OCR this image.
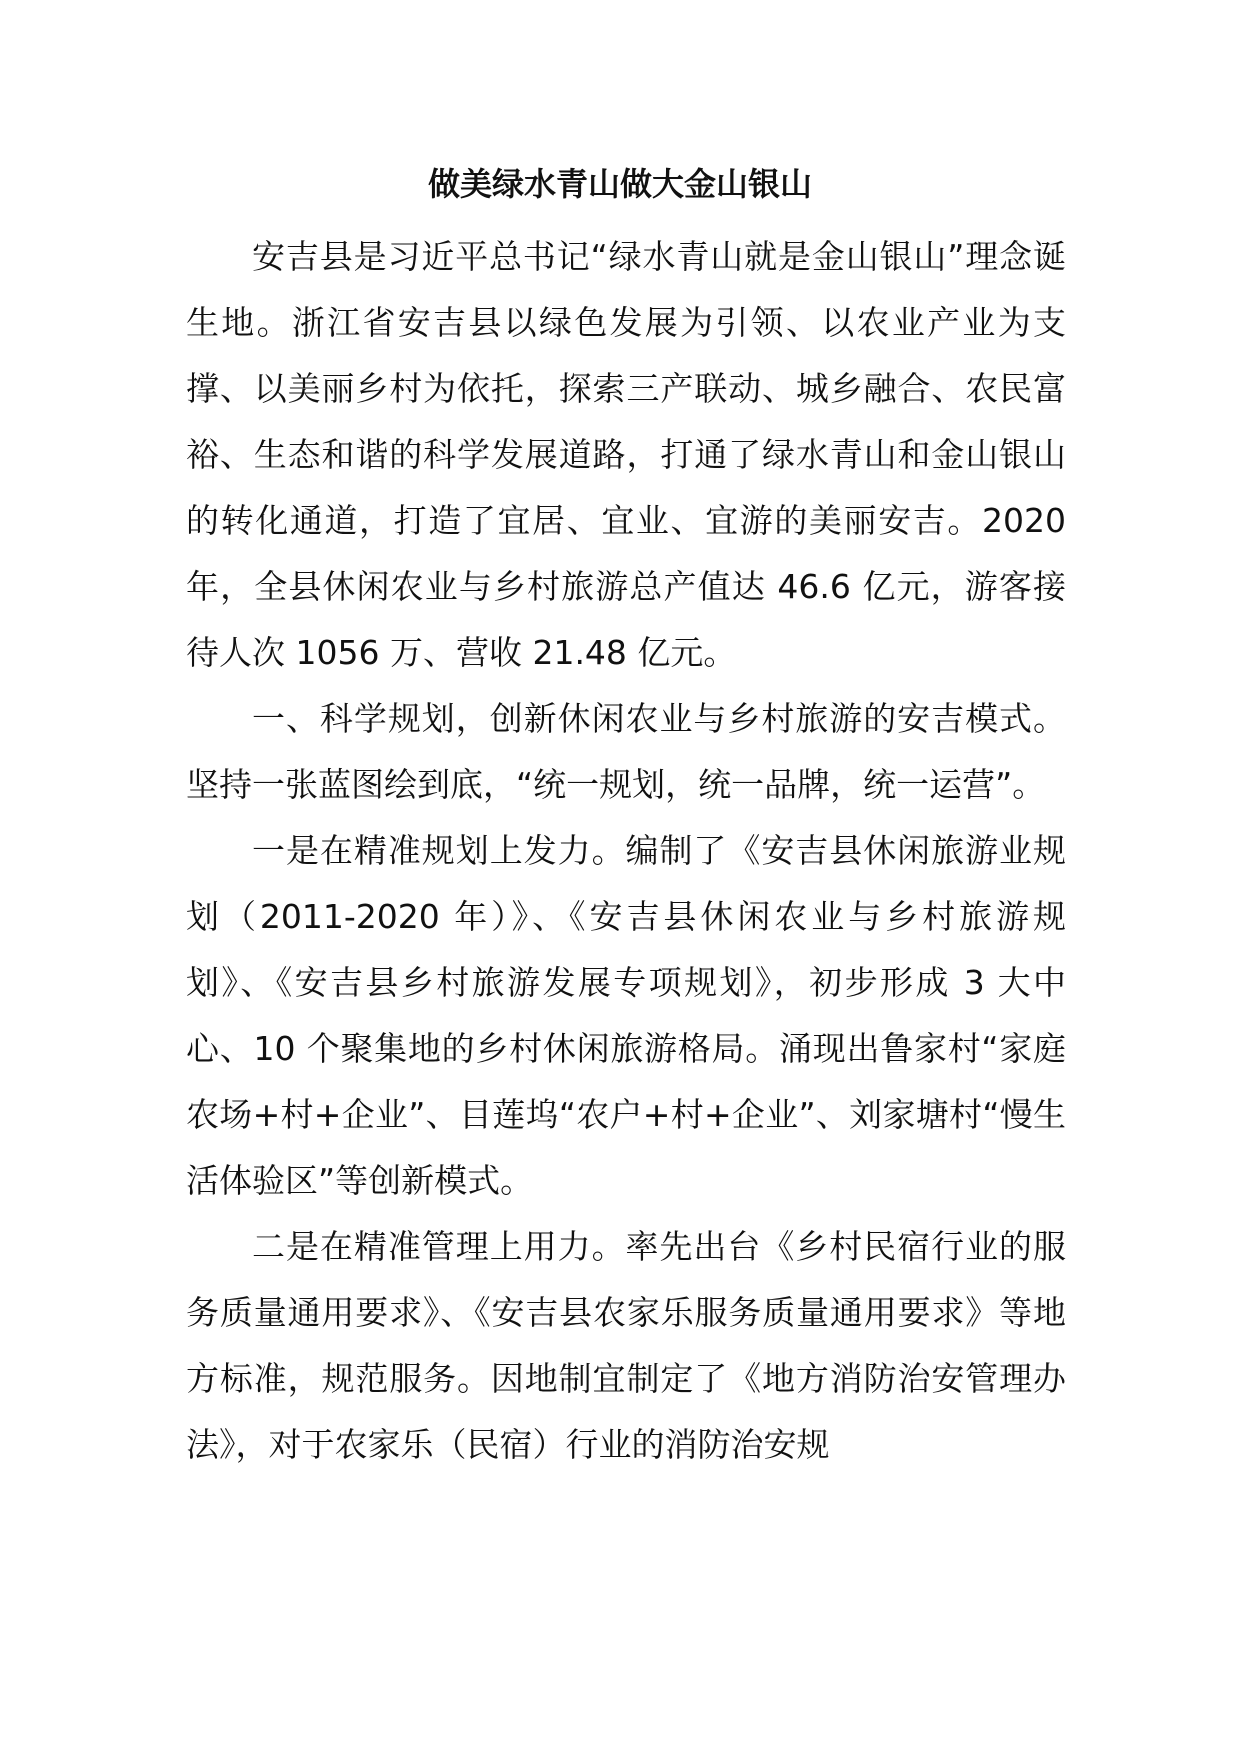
做美绿水青山做大金山银山

安吉县是习近平总书记“绿水青山就是金山银山”理念诞生地。浙江省安吉县以绿色发展为引领、以农业产业为支撑、以美丽乡村为依托，探索三产联动、城乡融合、农民富裕、生态和谐的科学发展道路，打通了绿水青山和金山银山的转化通道，打造了宜居、宜业、宜游的美丽安吉。2020 年，全县休闲农业与乡村旅游总产值达 46.6 亿元，游客接待人次 1056 万、营收 21.48 亿元。

一、科学规划，创新休闲农业与乡村旅游的安吉模式。坚持一张蓝图绘到底，“统一规划，统一品牌，统一运营”。

一是在精准规划上发力。编制了《安吉县休闲旅游业规划（2011-2020 年）》、《安吉县休闲农业与乡村旅游规划》、《安吉县乡村旅游发展专项规划》，初步形成 3 大中心、10 个聚集地的乡村休闲旅游格局。涌现出鲁家村“家庭农场+村+企业”、目莲坞“农户+村+企业”、刘家塘村“慢生活体验区”等创新模式。

二是在精准管理上用力。率先出台《乡村民宿行业的服务质量通用要求》、《安吉县农家乐服务质量通用要求》等地方标准，规范服务。因地制宜制定了《地方消防治安管理办法》，对于农家乐（民宿）行业的消防治安规
